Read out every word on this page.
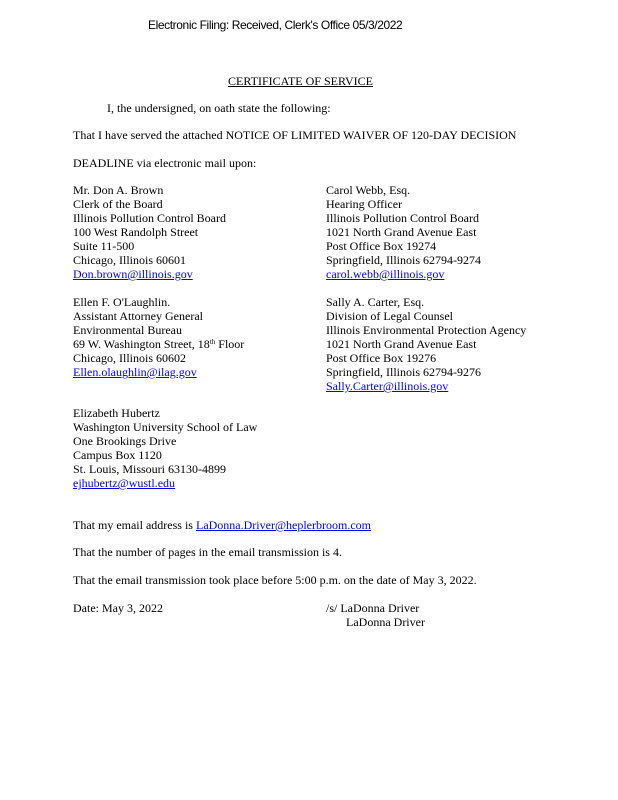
Electronic Filing: Received, Clerk's Office 05/3/2022
CERTIFICATE OF SERVICE
I, the undersigned, on oath state the following:
That I have served the attached NOTICE OF LIMITED WAIVER OF 120-DAY DECISION
DEADLINE via electronic mail upon:
Mr. Don A. Brown
Clerk of the Board
Illinois Pollution Control Board
100 West Randolph Street
Suite 11-500
Chicago, Illinois 60601
Don.brown@illinois.gov
Carol Webb, Esq.
Hearing Officer
Illinois Pollution Control Board
1021 North Grand Avenue East
Post Office Box 19274
Springfield, Illinois 62794-9274
carol.webb@illinois.gov
Ellen F. O'Laughlin.
Assistant Attorney General
Environmental Bureau
69 W. Washington Street, 18th Floor
Chicago, Illinois 60602
Ellen.olaughlin@ilag.gov
Sally A. Carter, Esq.
Division of Legal Counsel
Illinois Environmental Protection Agency
1021 North Grand Avenue East
Post Office Box 19276
Springfield, Illinois 62794-9276
Sally.Carter@illinois.gov
Elizabeth Hubertz
Washington University School of Law
One Brookings Drive
Campus Box 1120
St. Louis, Missouri 63130-4899
ejhubertz@wustl.edu
That my email address is LaDonna.Driver@heplerbroom.com
That the number of pages in the email transmission is 4.
That the email transmission took place before 5:00 p.m. on the date of May 3, 2022.
Date: May 3, 2022	/s/ LaDonna Driver
LaDonna Driver
